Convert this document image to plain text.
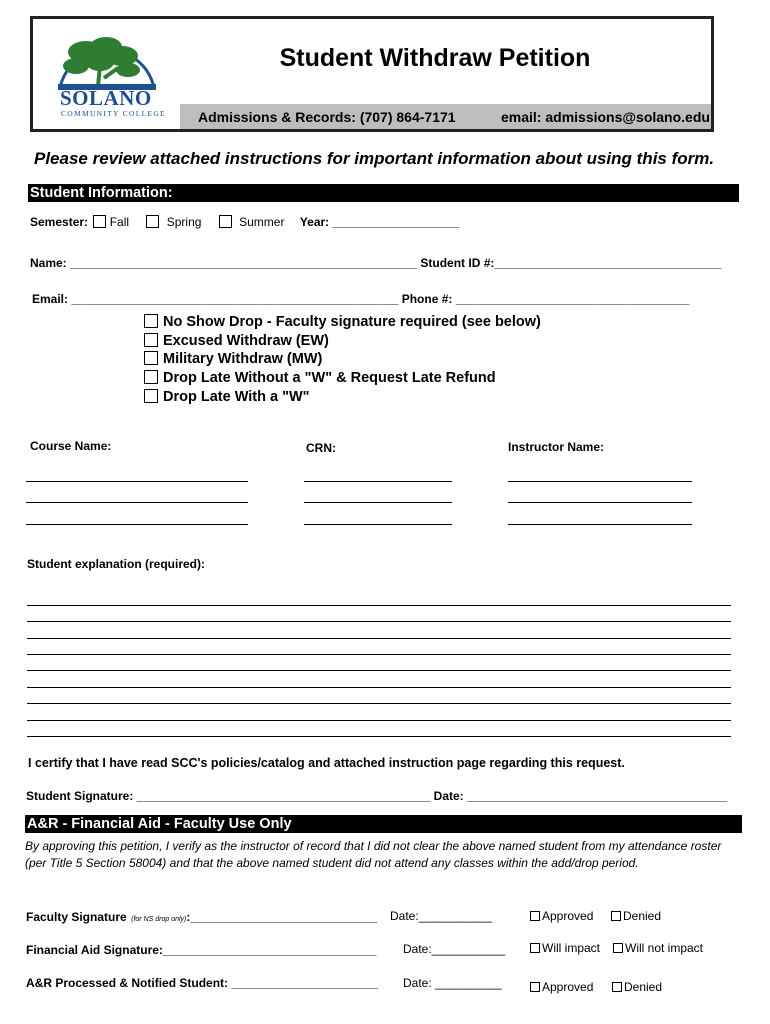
SOLANO
COMMUNITY COLLEGE
Student Withdraw Petition
Admissions & Records: (707) 864-7171	email: admissions@solano.edu
Please review attached instructions for important information about using this form.
Student Information:
Semester: Fall	Spring	Summer Year: ___________________
Name: ____________________________________________________ Student ID #:__________________________________
Email: _________________________________________________ Phone #: ___________________________________
No Show Drop - Faculty signature required (see below)
Excused Withdraw (EW)
Military Withdraw (MW)
Drop Late Without a "W" & Request Late Refund
Drop Late With a "W"
Course Name:	CRN:	Instructor Name:
Student explanation (required):
I certify that I have read SCC's policies/catalog and attached instruction page regarding this request.
Student Signature: ____________________________________________ Date: _______________________________________
A&R - Financial Aid - Faculty Use Only
By approving this petition, I verify as the instructor of record that I did not clear the above named student from my attendance roster (per Title 5 Section 58004) and that the above named student did not attend any classes within the add/drop period.
Faculty Signature (for NS drop only):____________________________ Date:___________	Approved	Denied
Financial Aid Signature:________________________________ Date:___________	Will impact	Will not impact
A&R Processed & Notified Student: ______________________ Date: __________	Approved	Denied
